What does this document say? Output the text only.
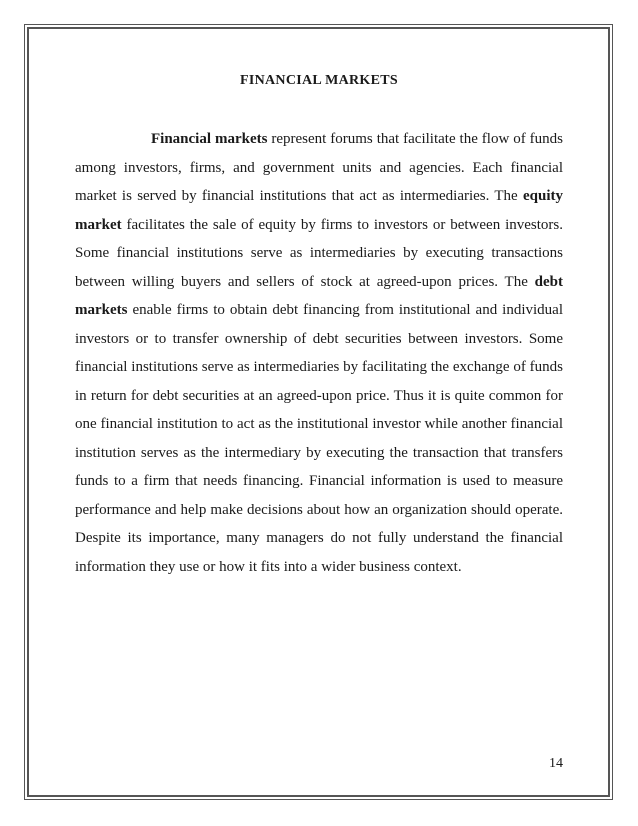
FINANCIAL MARKETS

Financial markets represent forums that facilitate the flow of funds among investors, firms, and government units and agencies. Each financial market is served by financial institutions that act as intermediaries. The equity market facilitates the sale of equity by firms to investors or between investors. Some financial institutions serve as intermediaries by executing transactions between willing buyers and sellers of stock at agreed-upon prices. The debt markets enable firms to obtain debt financing from institutional and individual investors or to transfer ownership of debt securities between investors. Some financial institutions serve as intermediaries by facilitating the exchange of funds in return for debt securities at an agreed-upon price. Thus it is quite common for one financial institution to act as the institutional investor while another financial institution serves as the intermediary by executing the transaction that transfers funds to a firm that needs financing. Financial information is used to measure performance and help make decisions about how an organization should operate. Despite its importance, many managers do not fully understand the financial information they use or how it fits into a wider business context.

14
